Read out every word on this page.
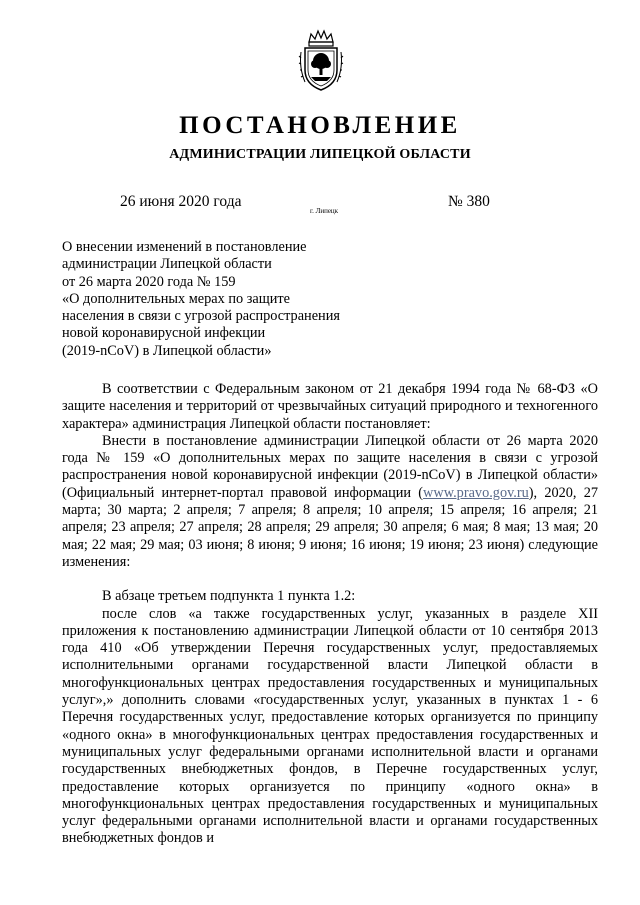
ПОСТАНОВЛЕНИЕ
АДМИНИСТРАЦИИ ЛИПЕЦКОЙ ОБЛАСТИ
26 июня 2020 года
г. Липецк
№ 380
О внесении изменений в постановление
администрации Липецкой области
от 26 марта 2020 года № 159
«О дополнительных мерах по защите
населения в связи с угрозой распространения
новой коронавирусной инфекции
(2019-nCoV) в Липецкой области»

В соответствии с Федеральным законом от 21 декабря 1994 года № 68-ФЗ «О защите населения и территорий от чрезвычайных ситуаций природного и техногенного характера» администрация Липецкой области постановляет:

Внести в постановление администрации Липецкой области от 26 марта 2020 года № 159 «О дополнительных мерах по защите населения в связи с угрозой распространения новой коронавирусной инфекции (2019-nCoV) в Липецкой области» (Официальный интернет-портал правовой информации (www.pravo.gov.ru), 2020, 27 марта; 30 марта; 2 апреля; 7 апреля; 8 апреля; 10 апреля; 15 апреля; 16 апреля; 21 апреля; 23 апреля; 27 апреля; 28 апреля; 29 апреля; 30 апреля; 6 мая; 8 мая; 13 мая; 20 мая; 22 мая; 29 мая; 03 июня; 8 июня; 9 июня; 16 июня; 19 июня; 23 июня) следующие изменения:

В абзаце третьем подпункта 1 пункта 1.2:

после слов «а также государственных услуг, указанных в разделе XII приложения к постановлению администрации Липецкой области от 10 сентября 2013 года 410 «Об утверждении Перечня государственных услуг, предоставляемых исполнительными органами государственной власти Липецкой области в многофункциональных центрах предоставления государственных и муниципальных услуг»,» дополнить словами «государственных услуг, указанных в пунктах 1 - 6 Перечня государственных услуг, предоставление которых организуется по принципу «одного окна» в многофункциональных центрах предоставления государственных и муниципальных услуг федеральными органами исполнительной власти и органами государственных внебюджетных фондов, в Перечне государственных услуг, предоставление которых организуется по принципу «одного окна» в многофункциональных центрах предоставления государственных и муниципальных услуг федеральными органами исполнительной власти и органами государственных внебюджетных фондов и
